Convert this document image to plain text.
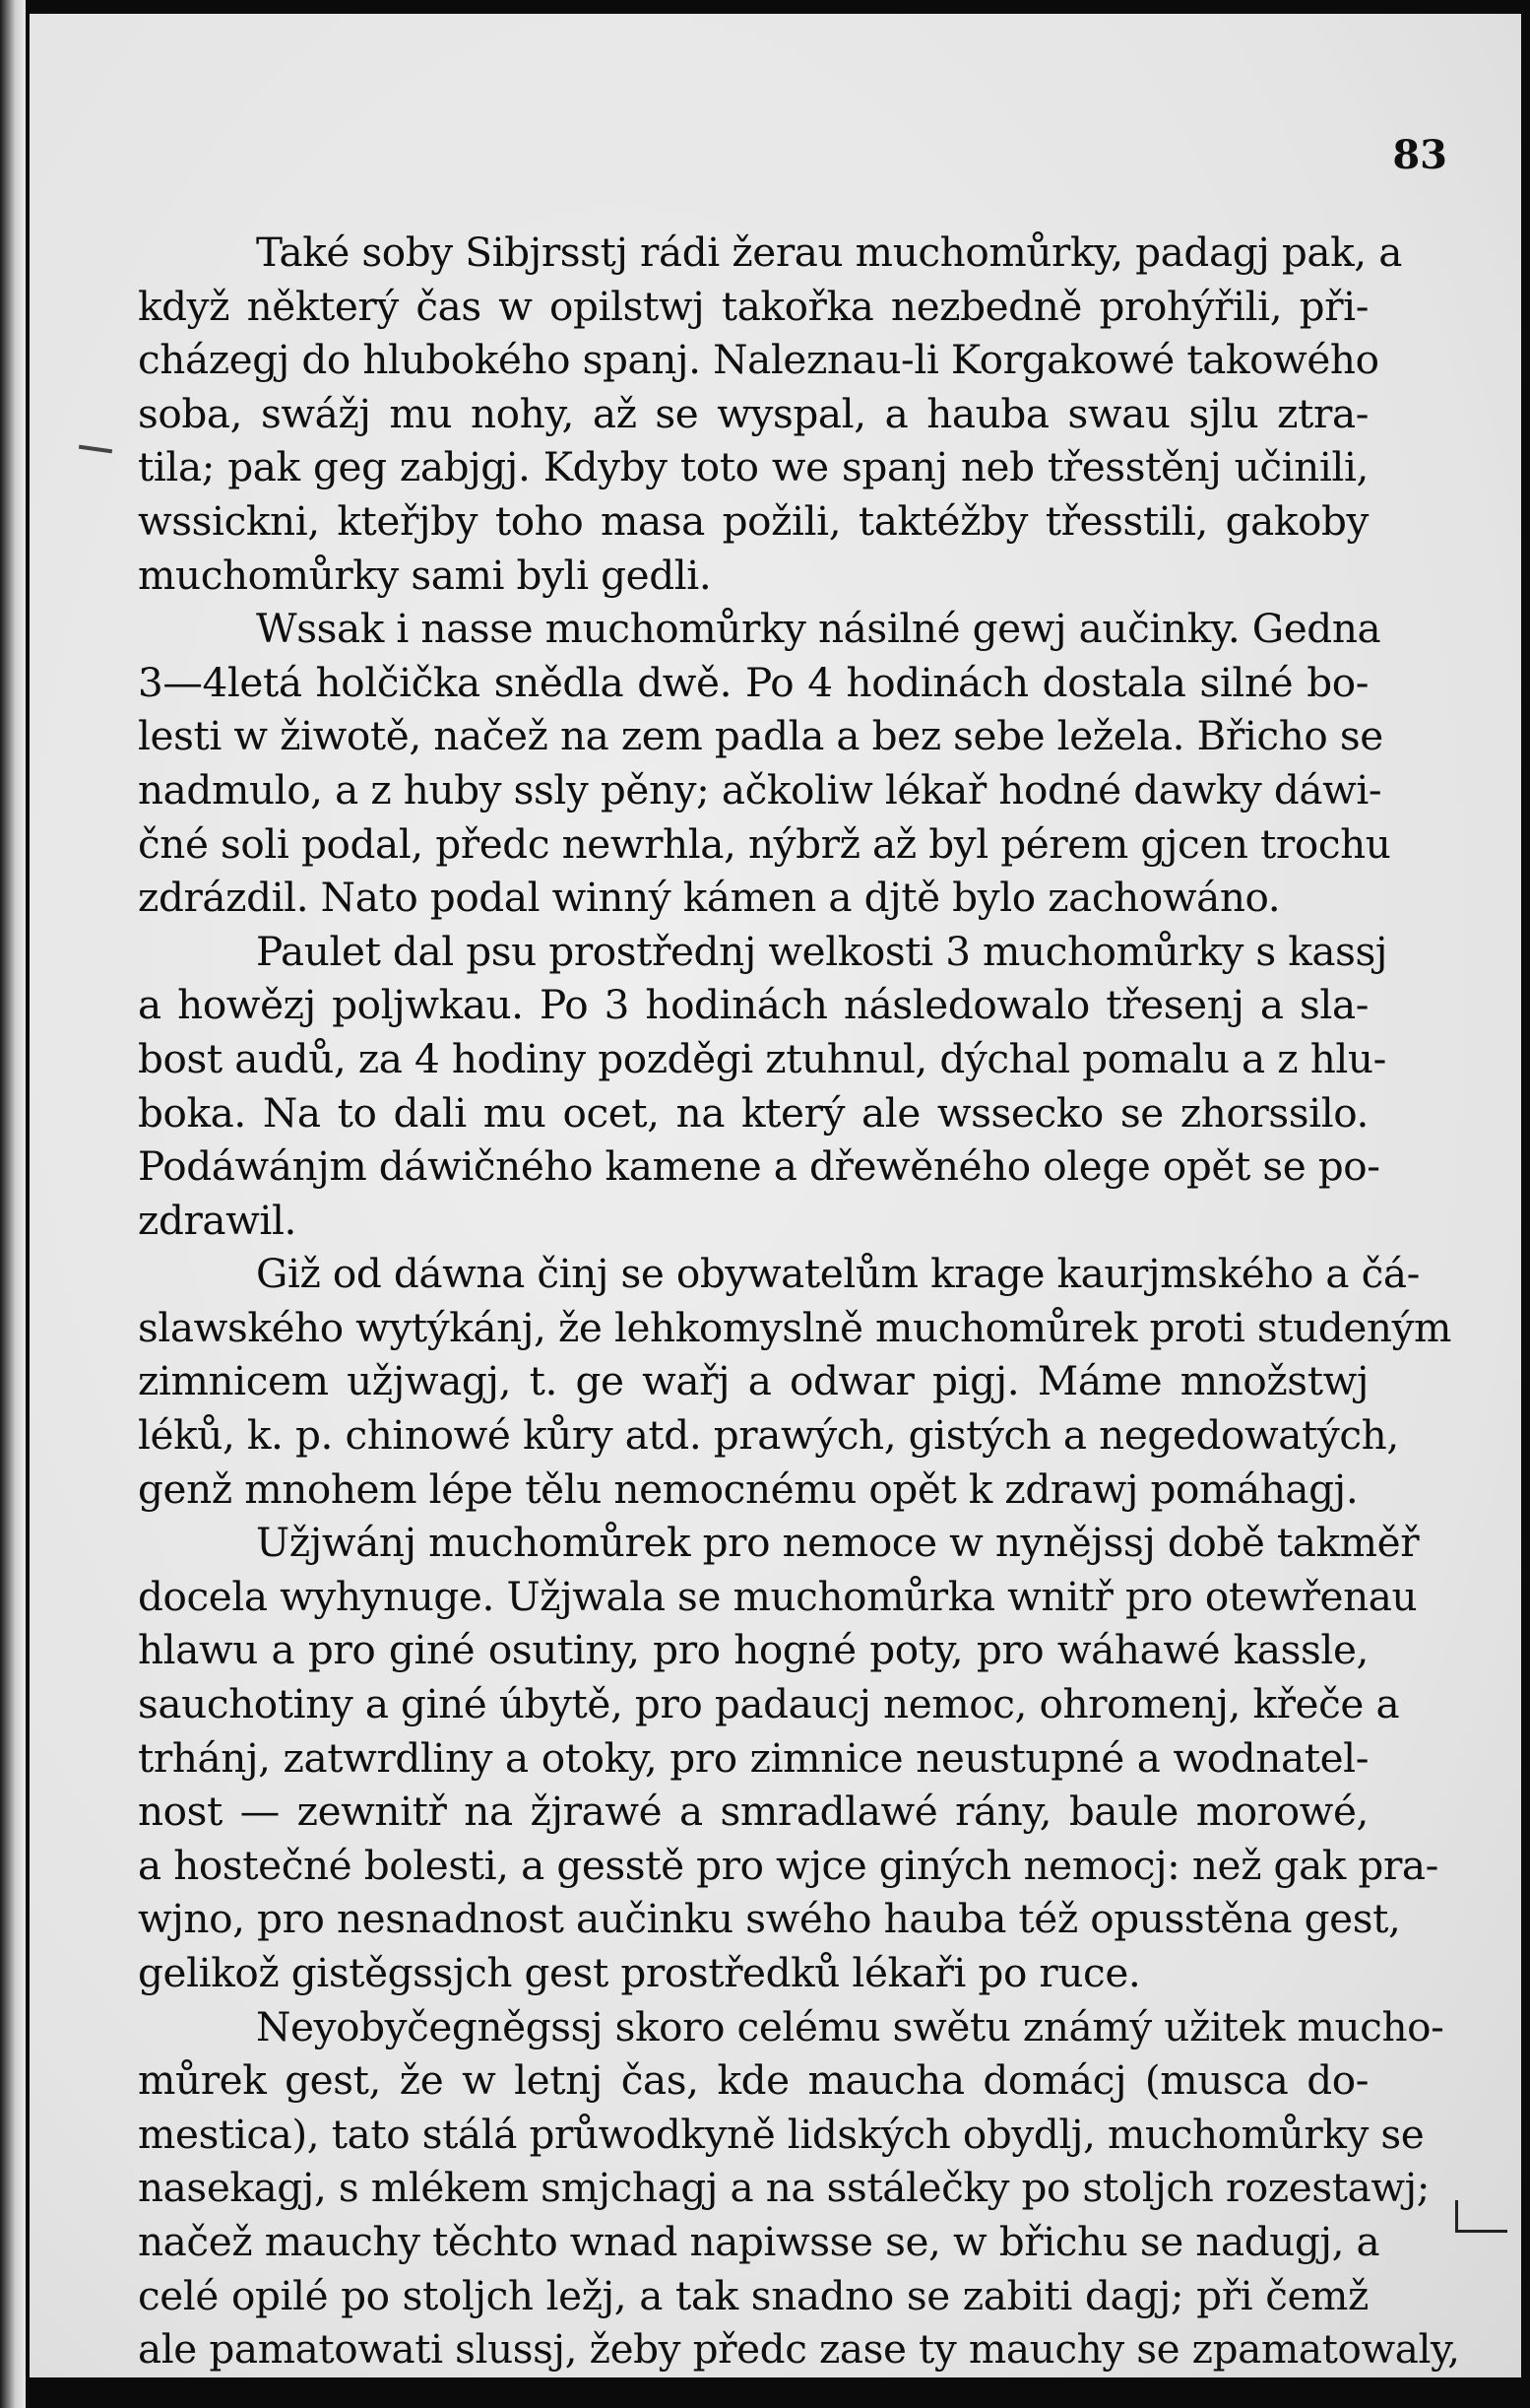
83

Také soby Sibjrsstj rádi žerau muchomůrky, padagj pak, a
když některý čas w opilstwj takořka nezbedně prohýřili, při-
cházegj do hlubokého spanj. Naleznau-li Korgakowé takowého
soba, swážj mu nohy, až se wyspal, a hauba swau sjlu ztra-
tila; pak geg zabjgj. Kdyby toto we spanj neb třesstěnj učinili,
wssickni, kteřjby toho masa požili, taktéžby třesstili, gakoby
muchomůrky sami byli gedli.

Wssak i nasse muchomůrky násilné gewj aučinky. Gedna
3—4letá holčička snědla dwě. Po 4 hodinách dostala silné bo-
lesti w žiwotě, načež na zem padla a bez sebe ležela. Břicho se
nadmulo, a z huby ssly pěny; ačkoliw lékař hodné dawky dáwi-
čné soli podal, předc newrhla, nýbrž až byl pérem gjcen trochu
zdrázdil. Nato podal winný kámen a djtě bylo zachowáno.

Paulet dal psu prostřednj welkosti 3 muchomůrky s kassj
a howězj poljwkau. Po 3 hodinách následowalo třesenj a sla-
bost audů, za 4 hodiny pozděgi ztuhnul, dýchal pomalu a z hlu-
boka. Na to dali mu ocet, na který ale wssecko se zhorssilo.
Podáwánjm dáwičného kamene a dřewěného olege opět se po-
zdrawil.

Giž od dáwna činj se obywatelům krage kaurjmského a čá-
slawského wytýkánj, že lehkomyslně muchomůrek proti studeným
zimnicem užjwagj, t. ge wařj a odwar pigj. Máme množstwj
léků, k. p. chinowé kůry atd. prawých, gistých a negedowatých,
genž mnohem lépe tělu nemocnému opět k zdrawj pomáhagj.

Užjwánj muchomůrek pro nemoce w nynějssj době takměř
docela wyhynuge. Užjwala se muchomůrka wnitř pro otewřenau
hlawu a pro giné osutiny, pro hogné poty, pro wáhawé kassle,
sauchotiny a giné úbytě, pro padaucj nemoc, ohromenj, křeče a
trhánj, zatwrdliny a otoky, pro zimnice neustupné a wodnatel-
nost — zewnitř na žjrawé a smradlawé rány, baule morowé,
a hostečné bolesti, a gesstě pro wjce giných nemocj: než gak pra-
wjno, pro nesnadnost aučinku swého hauba též opusstěna gest,
gelikož gistěgssjch gest prostředků lékaři po ruce.

Neyobyčegněgssj skoro celému swětu známý užitek mucho-
můrek gest, že w letnj čas, kde maucha domácj (musca do-
mestica), tato stálá průwodkyně lidských obydlj, muchomůrky se
nasekagj, s mlékem smjchagj a na sstálečky po stoljch rozestawj;
načež mauchy těchto wnad napiwsse se, w břichu se nadugj, a
celé opilé po stoljch ležj, a tak snadno se zabiti dagj; při čemž
ale pamatowati slussj, žeby předc zase ty mauchy se zpamatowaly,
